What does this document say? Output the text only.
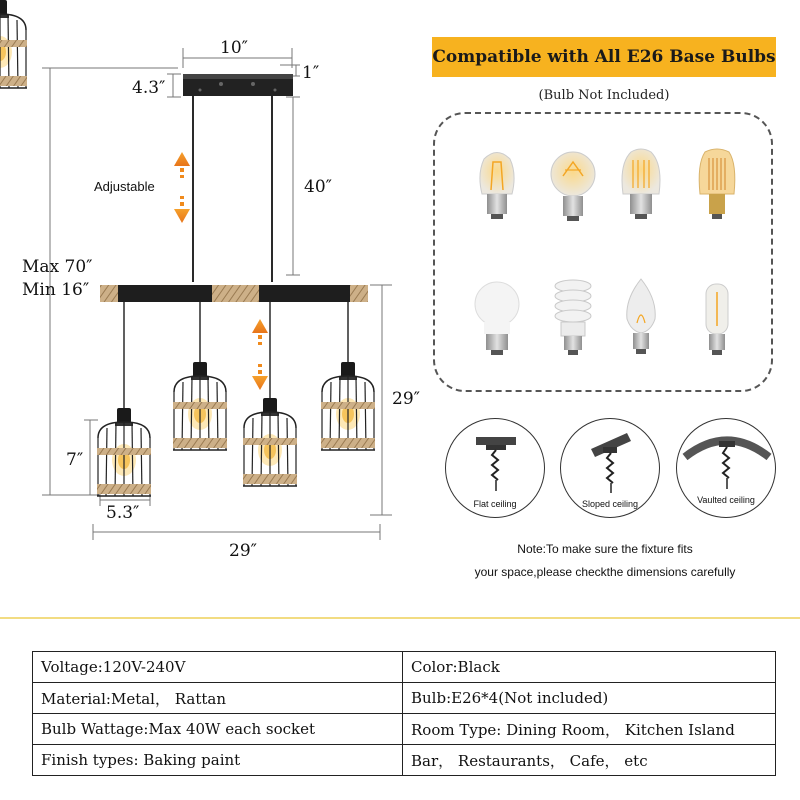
10″
1″
4.3″
Adjustable	40″
Max 70″
Min 16″
29″
7″
5.3″
29″
Compatible with All E26 Base Bulbs
(Bulb Not Included)
Flat ceiling	Sloped ceiling	Vaulted ceiling
Note:To make sure the fixture fits
your space,please checkthe dimensions carefully
Voltage:120V-240V	Color:Black
Material:Metal， Rattan	Bulb:E26*4(Not included)
Bulb Wattage:Max 40W each socket	Room Type: Dining Room， Kitchen Island
Finish types: Baking paint	Bar， Restaurants， Cafe， etc
